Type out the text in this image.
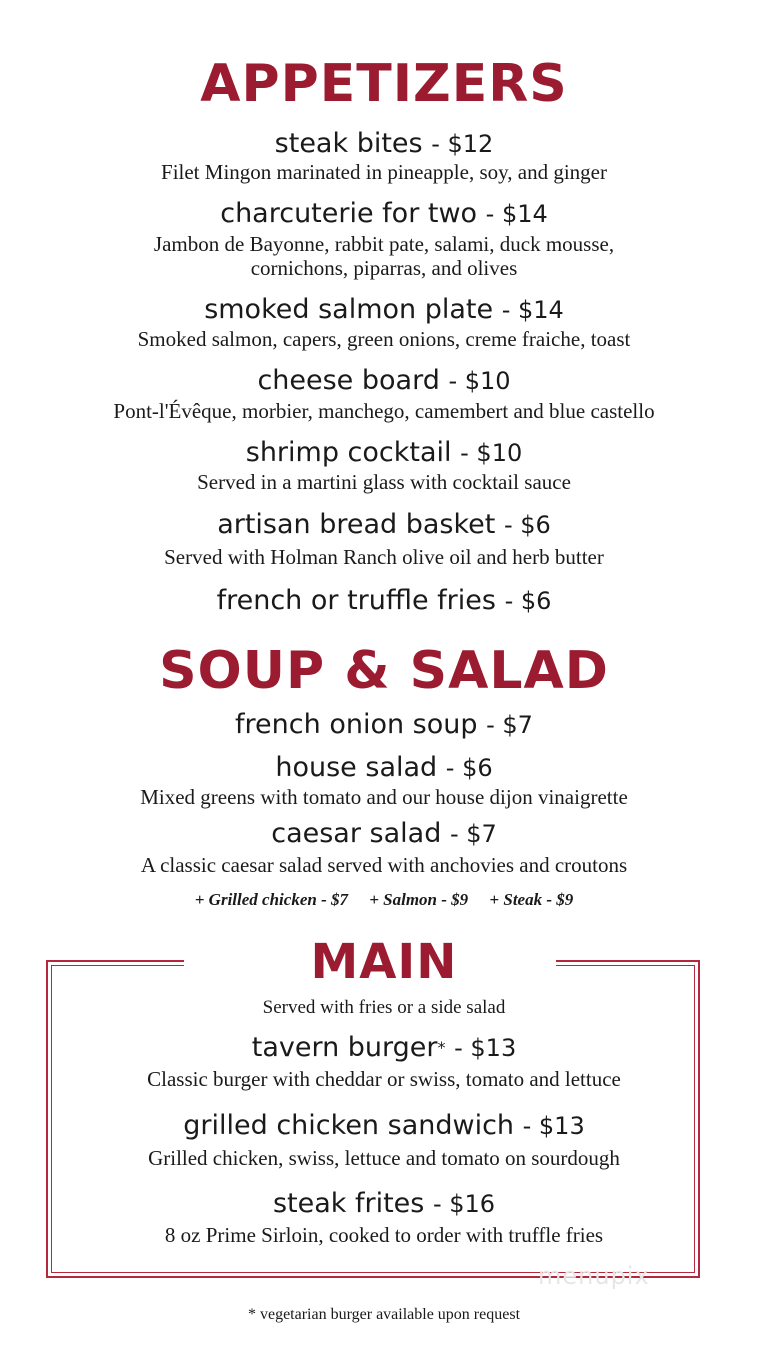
APPETIZERS
steak bites - $12
Filet Mingon marinated in pineapple, soy, and ginger
charcuterie for two - $14
Jambon de Bayonne, rabbit pate, salami, duck mousse,
cornichons, piparras, and olives
smoked salmon plate - $14
Smoked salmon, capers, green onions, creme fraiche, toast
cheese board - $10
Pont-l'Évêque, morbier, manchego, camembert and blue castello
shrimp cocktail - $10
Served in a martini glass with cocktail sauce
artisan bread basket - $6
Served with Holman Ranch olive oil and herb butter
french or truffle fries - $6
SOUP & SALAD
french onion soup - $7
house salad - $6
Mixed greens with tomato and our house dijon vinaigrette
caesar salad - $7
A classic caesar salad served with anchovies and croutons
+ Grilled chicken - $7     + Salmon - $9     + Steak - $9
MAIN
Served with fries or a side salad
tavern burger* - $13
Classic burger with cheddar or swiss, tomato and lettuce
grilled chicken sandwich - $13
Grilled chicken, swiss, lettuce and tomato on sourdough
steak frites - $16
8 oz Prime Sirloin, cooked to order with truffle fries
menupix
* vegetarian burger available upon request
